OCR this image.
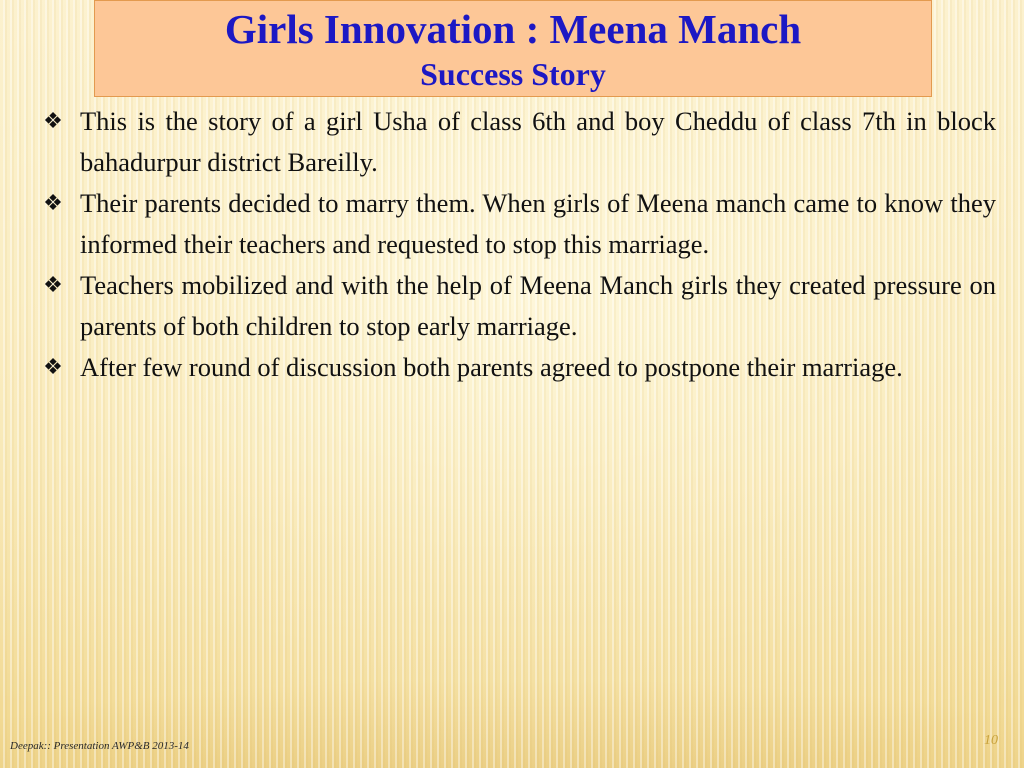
Girls Innovation : Meena Manch
Success Story
❖ This is the story of a girl Usha of class 6th and boy Cheddu of class 7th in block bahadurpur district Bareilly.
❖ Their parents decided to marry them. When girls of Meena manch came to know they informed their teachers and requested to stop this marriage.
❖ Teachers mobilized and with the help of Meena Manch girls they created pressure on parents of both children to stop early marriage.
❖ After few round of discussion both parents agreed to postpone their marriage.
Deepak:: Presentation AWP&B 2013-14	10
